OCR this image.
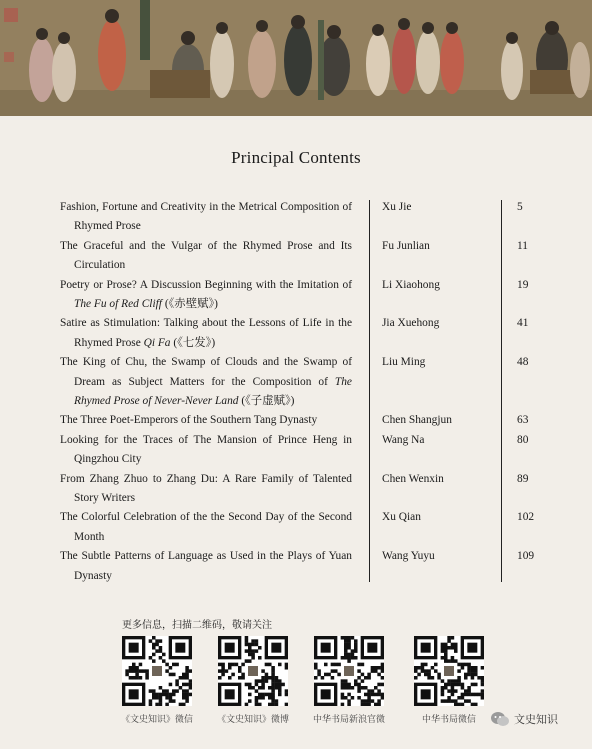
Principal Contents
Fashion, Fortune and Creativity in the Metrical Composition of Rhymed Prose
Xu Jie	5
The Graceful and the Vulgar of the Rhymed Prose and Its Circulation
Fu Junlian	11
Poetry or Prose? A Discussion Beginning with the Imitation of The Fu of Red Cliff (《赤壁赋》)
Li Xiaohong	19
Satire as Stimulation: Talking about the Lessons of Life in the Rhymed Prose Qi Fa (《七发》)
Jia Xuehong	41
The King of Chu, the Swamp of Clouds and the Swamp of Dream as Subject Matters for the Composition of The Rhymed Prose of Never-Never Land (《子虚赋》)
Liu Ming	48
The Three Poet-Emperors of the Southern Tang Dynasty	Chen Shangjun	63
Looking for the Traces of The Mansion of Prince Heng in Qingzhou City
Wang Na	80
From Zhang Zhuo to Zhang Du: A Rare Family of Talented Story Writers
Chen Wenxin	89
The Colorful Celebration of the the Second Day of the Second Month
Xu Qian	102
The Subtle Patterns of Language as Used in the Plays of Yuan Dynasty
Wang Yuyu	109
更多信息，扫描二维码，敬请关注
《文史知识》微信	《文史知识》微博	中华书局新浪官微	中华书局微信	文史知识
